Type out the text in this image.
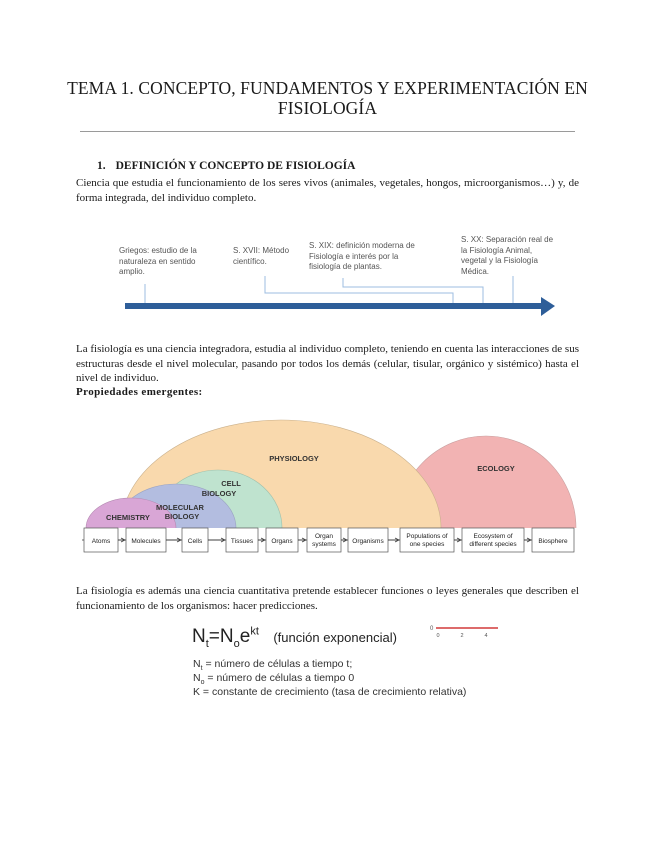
TEMA 1. CONCEPTO, FUNDAMENTOS Y EXPERIMENTACIÓN EN FISIOLOGÍA
1. DEFINICIÓN Y CONCEPTO DE FISIOLOGÍA
Ciencia que estudia el funcionamiento de los seres vivos (animales, vegetales, hongos, microorganismos…) y, de forma integrada, del individuo completo.
Griegos: estudio de la naturaleza en sentido amplio.
S. XVII: Método científico.
S. XIX: definición moderna de Fisiología e interés por la fisiología de plantas.
S. XX: Separación real de la Fisiología Animal, vegetal y la Fisiología Médica.
La fisiología es una ciencia integradora, estudia al individuo completo, teniendo en cuenta las interacciones de sus estructuras desde el nivel molecular, pasando por todos los demás (celular, tisular, orgánico y sistémico) hasta el nivel de individuo.
Propiedades emergentes:
PHYSIOLOGY
ECOLOGY
CELL
BIOLOGY
MOLECULAR
BIOLOGY
CHEMISTRY
Atoms	Molecules	Cells	Tissues	Organs
Organ systems	Organisms
Populations of one species
Ecosystem of different species	Biosphere
La fisiología es además una ciencia cuantitativa pretende establecer funciones o leyes generales que describen el funcionamiento de los organismos: hacer predicciones.
$N_t=N_oe^{kt}$ (función exponencial)
$N_t$ = número de células a tiempo t;
$N_o$ = número de células a tiempo 0
K = constante de crecimiento (tasa de crecimiento relativa)
0
0	2	4
